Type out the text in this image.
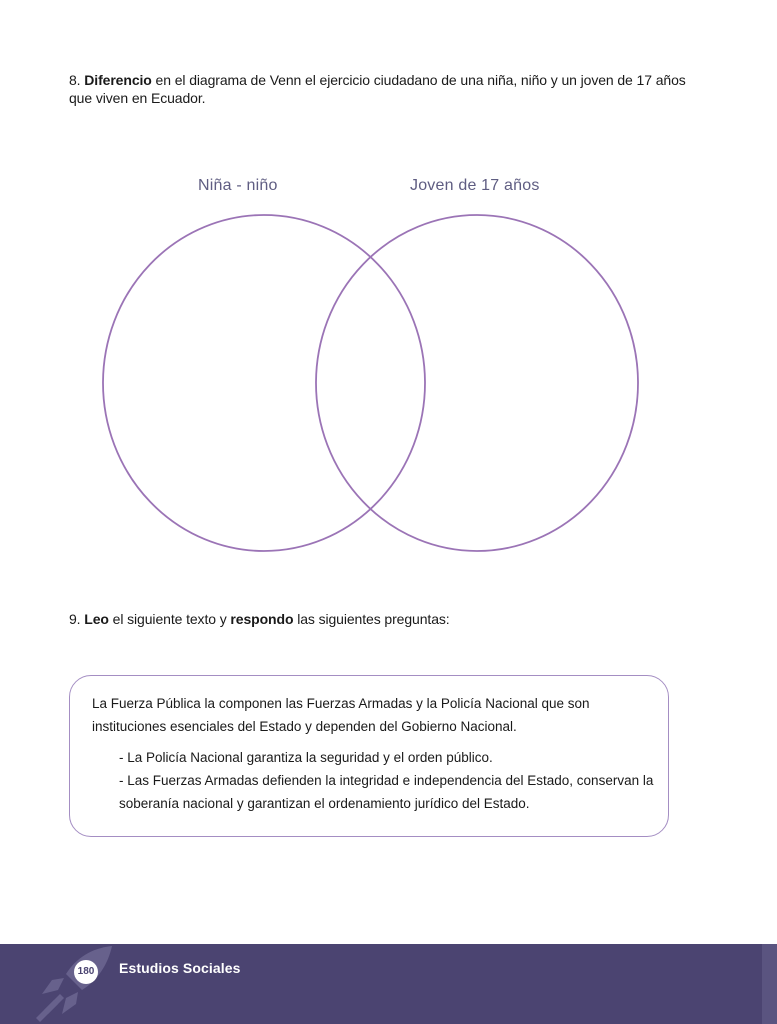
8. Diferencio en el diagrama de Venn el ejercicio ciudadano de una niña, niño y un joven de 17 años que viven en Ecuador.

Niña - niño	Joven de 17 años

9. Leo el siguiente texto y respondo las siguientes preguntas:

La Fuerza Pública la componen las Fuerzas Armadas y la Policía Nacional que son instituciones esenciales del Estado y dependen del Gobierno Nacional.
- La Policía Nacional garantiza la seguridad y el orden público.
- Las Fuerzas Armadas defienden la integridad e independencia del Estado, conservan la soberanía nacional y garantizan el ordenamiento jurídico del Estado.
180 Estudios Sociales
